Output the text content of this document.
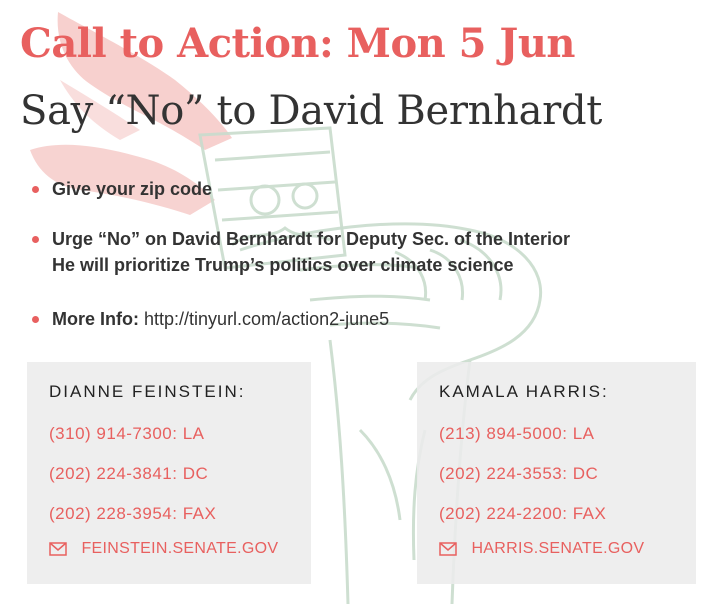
Call to Action: Mon 5 Jun
Say “No” to David Bernhardt
Give your zip code
Urge “No” on David Bernhardt for Deputy Sec. of the Interior
He will prioritize Trump’s politics over climate science
More Info: http://tinyurl.com/action2-june5
DIANNE FEINSTEIN:
(310) 914-7300: LA
(202) 224-3841: DC
(202) 228-3954: FAX
FEINSTEIN.SENATE.GOV
KAMALA HARRIS:
(213) 894-5000: LA
(202) 224-3553: DC
(202) 224-2200: FAX
HARRIS.SENATE.GOV
